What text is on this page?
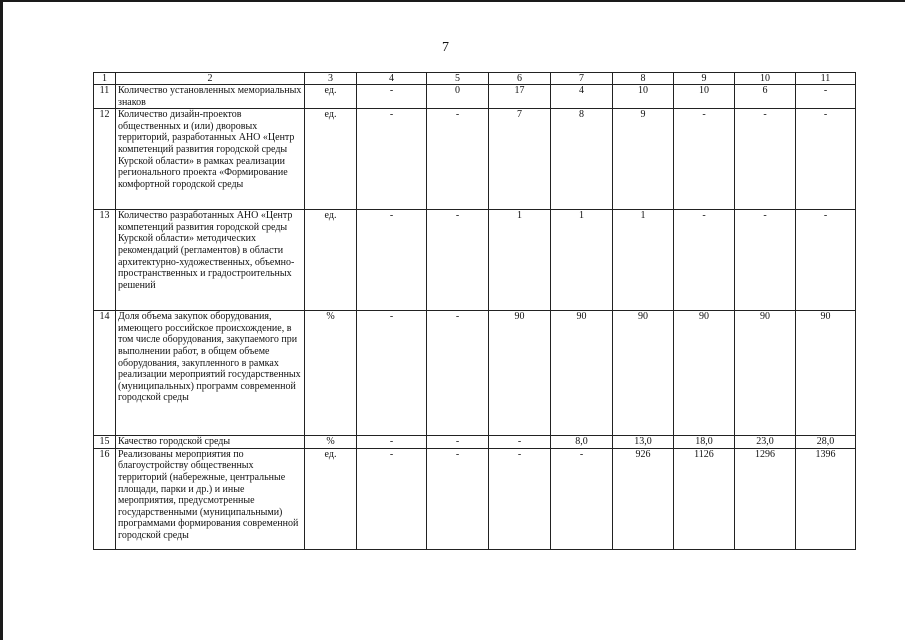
7
1	2	3	4	5	6	7	8	9	10	11
11	Количество установленных мемориальных знаков	ед.	-	0	17	4	10	10	6	-
12	Количество дизайн-проектов общественных и (или) дворовых территорий, разработанных АНО «Центр компетенций развития городской среды Курской области» в рамках реализации регионального проекта «Формирование комфортной городской среды	ед.	-	-	7	8	9	-	-	-
13	Количество разработанных АНО «Центр компетенций развития городской среды Курской области» методических рекомендаций (регламентов) в области архитектурно-художественных, объемно-пространственных и градостроительных решений	ед.	-	-	1	1	1	-	-	-
14	Доля объема закупок оборудования, имеющего российское происхождение, в том числе оборудования, закупаемого при выполнении работ, в общем объеме оборудования, закупленного в рамках реализации мероприятий государственных (муниципальных) программ современной городской среды	%	-	-	90	90	90	90	90	90
15	Качество городской среды	%	-	-	-	8,0	13,0	18,0	23,0	28,0
16	Реализованы мероприятия по благоустройству общественных территорий (набережные, центральные площади, парки и др.) и иные мероприятия, предусмотренные государственными (муниципальными) программами формирования современной городской среды	ед.	-	-	-	-	926	1126	1296	1396
